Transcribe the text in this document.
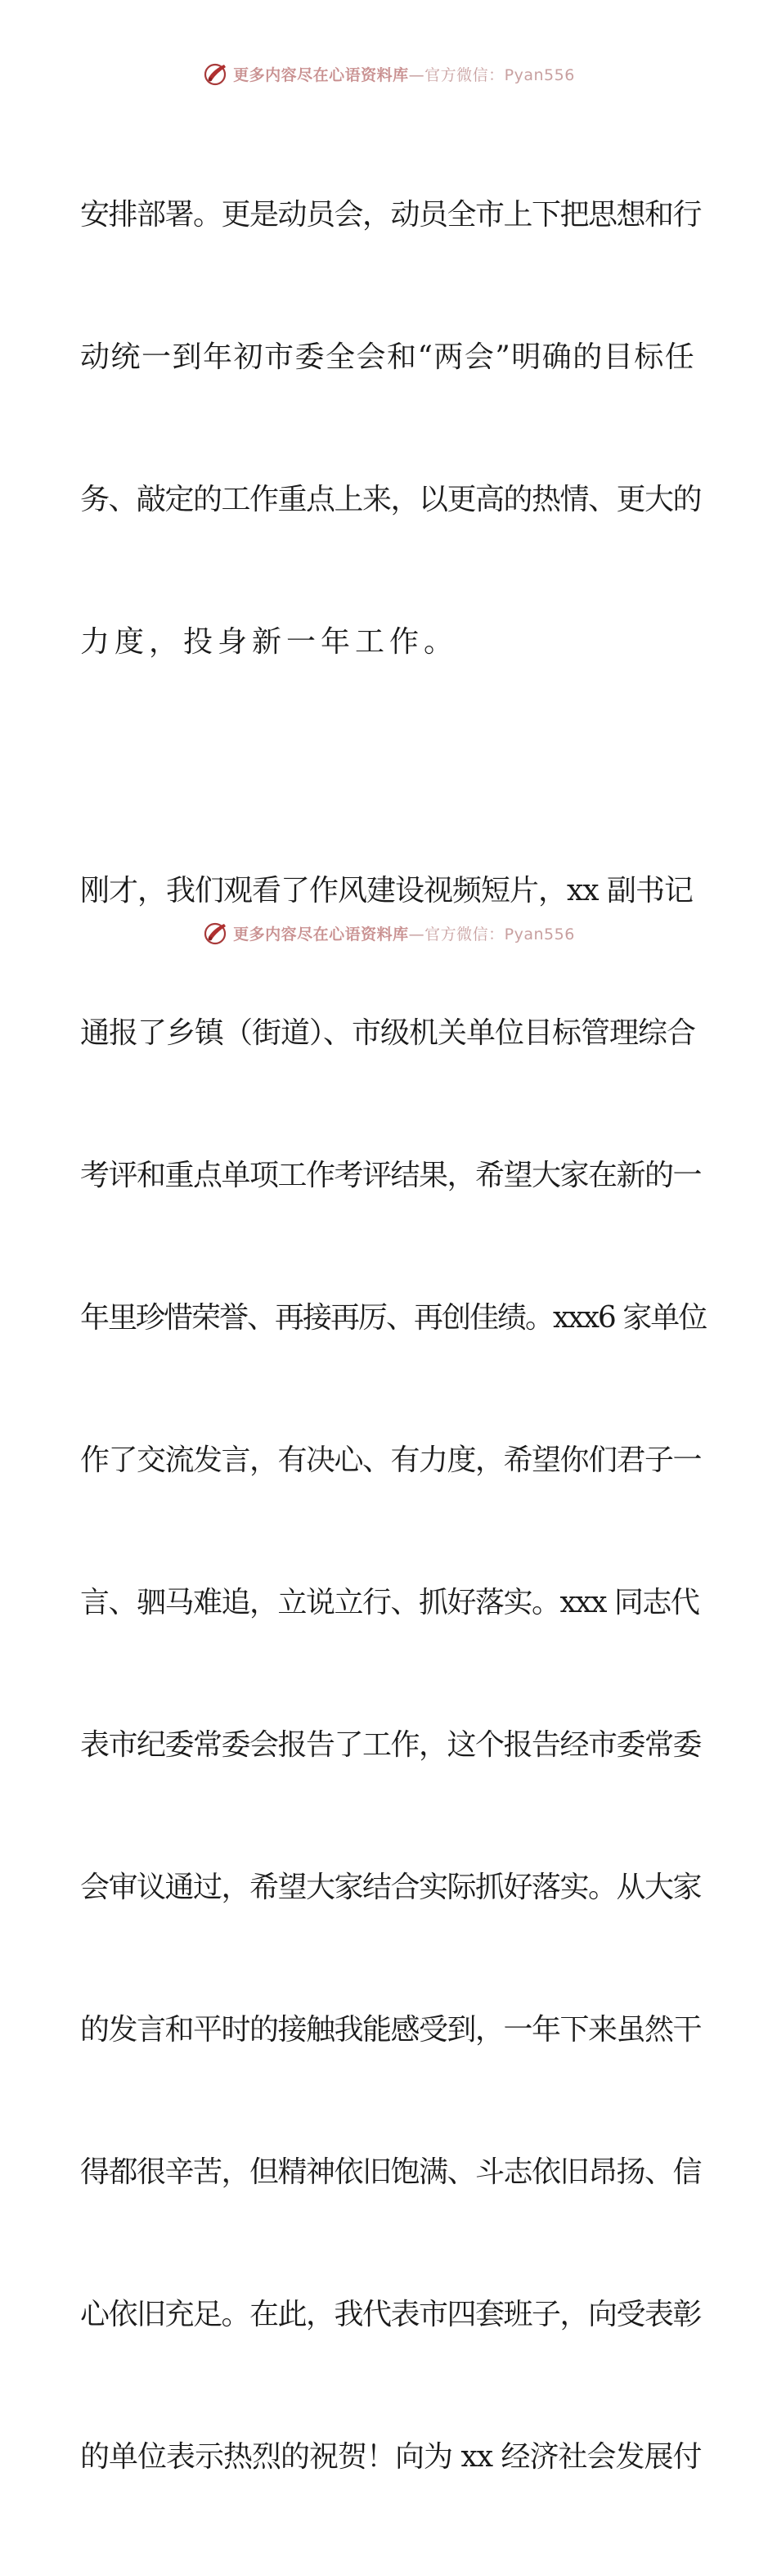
更多内容尽在心语资料库—官方微信：Pyan556

安排部署。更是动员会，动员全市上下把思想和行

动统一到年初市委全会和“两会”明确的目标任

务、敲定的工作重点上来，以更高的热情、更大的

力度，投身新一年工作。

刚才，我们观看了作风建设视频短片，xx 副书记

通报了乡镇（街道）、市级机关单位目标管理综合

考评和重点单项工作考评结果，希望大家在新的一

年里珍惜荣誉、再接再厉、再创佳绩。xxx6 家单位

作了交流发言，有决心、有力度，希望你们君子一

言、驷马难追，立说立行、抓好落实。xxx 同志代

表市纪委常委会报告了工作，这个报告经市委常委

会审议通过，希望大家结合实际抓好落实。从大家

的发言和平时的接触我能感受到，一年下来虽然干

得都很辛苦，但精神依旧饱满、斗志依旧昂扬、信

心依旧充足。在此，我代表市四套班子，向受表彰

的单位表示热烈的祝贺！向为 xx 经济社会发展付

更多内容尽在心语资料库—官方微信：Pyan556
